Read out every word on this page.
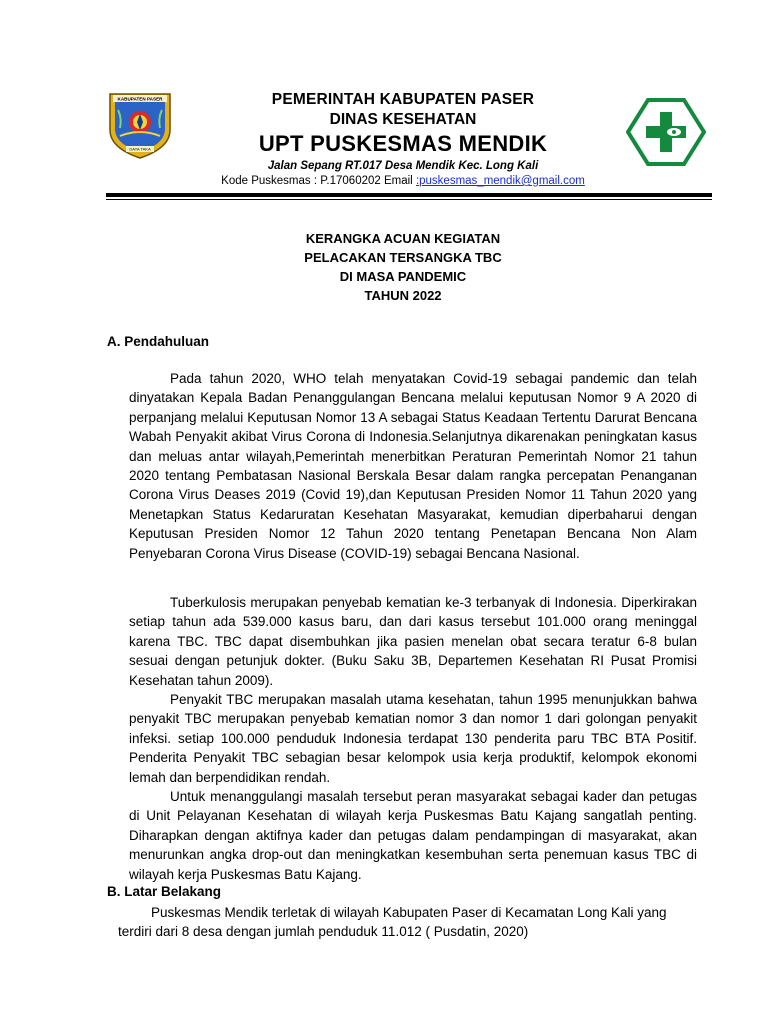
KABUPATEN PASER
DAYA TAKA
PEMERINTAH KABUPATEN PASER
DINAS KESEHATAN
UPT PUSKESMAS MENDIK
Jalan Sepang RT.017 Desa Mendik Kec. Long Kali
Kode Puskesmas : P.17060202 Email :puskesmas_mendik@gmail.com
KERANGKA ACUAN KEGIATAN
PELACAKAN TERSANGKA TBC
DI MASA PANDEMIC
TAHUN 2022
A. Pendahuluan

Pada tahun 2020, WHO telah menyatakan Covid-19 sebagai pandemic dan telah dinyatakan Kepala Badan Penanggulangan Bencana melalui keputusan Nomor 9 A 2020 di perpanjang melalui Keputusan Nomor 13 A sebagai Status Keadaan Tertentu Darurat Bencana Wabah Penyakit akibat Virus Corona di Indonesia.Selanjutnya dikarenakan peningkatan kasus dan meluas antar wilayah,Pemerintah menerbitkan Peraturan Pemerintah Nomor 21 tahun 2020 tentang Pembatasan Nasional Berskala Besar dalam rangka percepatan Penanganan Corona Virus Deases 2019 (Covid 19),dan Keputusan Presiden Nomor 11 Tahun 2020 yang Menetapkan Status Kedaruratan Kesehatan Masyarakat, kemudian diperbaharui dengan Keputusan Presiden Nomor 12 Tahun 2020 tentang Penetapan Bencana Non Alam Penyebaran Corona Virus Disease (COVID-19) sebagai Bencana Nasional.

Tuberkulosis merupakan penyebab kematian ke-3 terbanyak di Indonesia. Diperkirakan setiap tahun ada 539.000 kasus baru, dan dari kasus tersebut 101.000 orang meninggal karena TBC. TBC dapat disembuhkan jika pasien menelan obat secara teratur 6-8 bulan sesuai dengan petunjuk dokter. (Buku Saku 3B, Departemen Kesehatan RI Pusat Promisi Kesehatan tahun 2009).

Penyakit TBC merupakan masalah utama kesehatan, tahun 1995 menunjukkan bahwa penyakit TBC merupakan penyebab kematian nomor 3 dan nomor 1 dari golongan penyakit infeksi. setiap 100.000 penduduk Indonesia terdapat 130 penderita paru TBC BTA Positif. Penderita Penyakit TBC sebagian besar kelompok usia kerja produktif, kelompok ekonomi lemah dan berpendidikan rendah.

Untuk menanggulangi masalah tersebut peran masyarakat sebagai kader dan petugas di Unit Pelayanan Kesehatan di wilayah kerja Puskesmas Batu Kajang sangatlah penting. Diharapkan dengan aktifnya kader dan petugas dalam pendampingan di masyarakat, akan menurunkan angka drop-out dan meningkatkan kesembuhan serta penemuan kasus TBC di wilayah kerja Puskesmas Batu Kajang.

B. Latar Belakang

Puskesmas Mendik terletak di wilayah Kabupaten Paser di Kecamatan Long Kali yang terdiri dari 8 desa dengan jumlah penduduk 11.012 ( Pusdatin, 2020)
